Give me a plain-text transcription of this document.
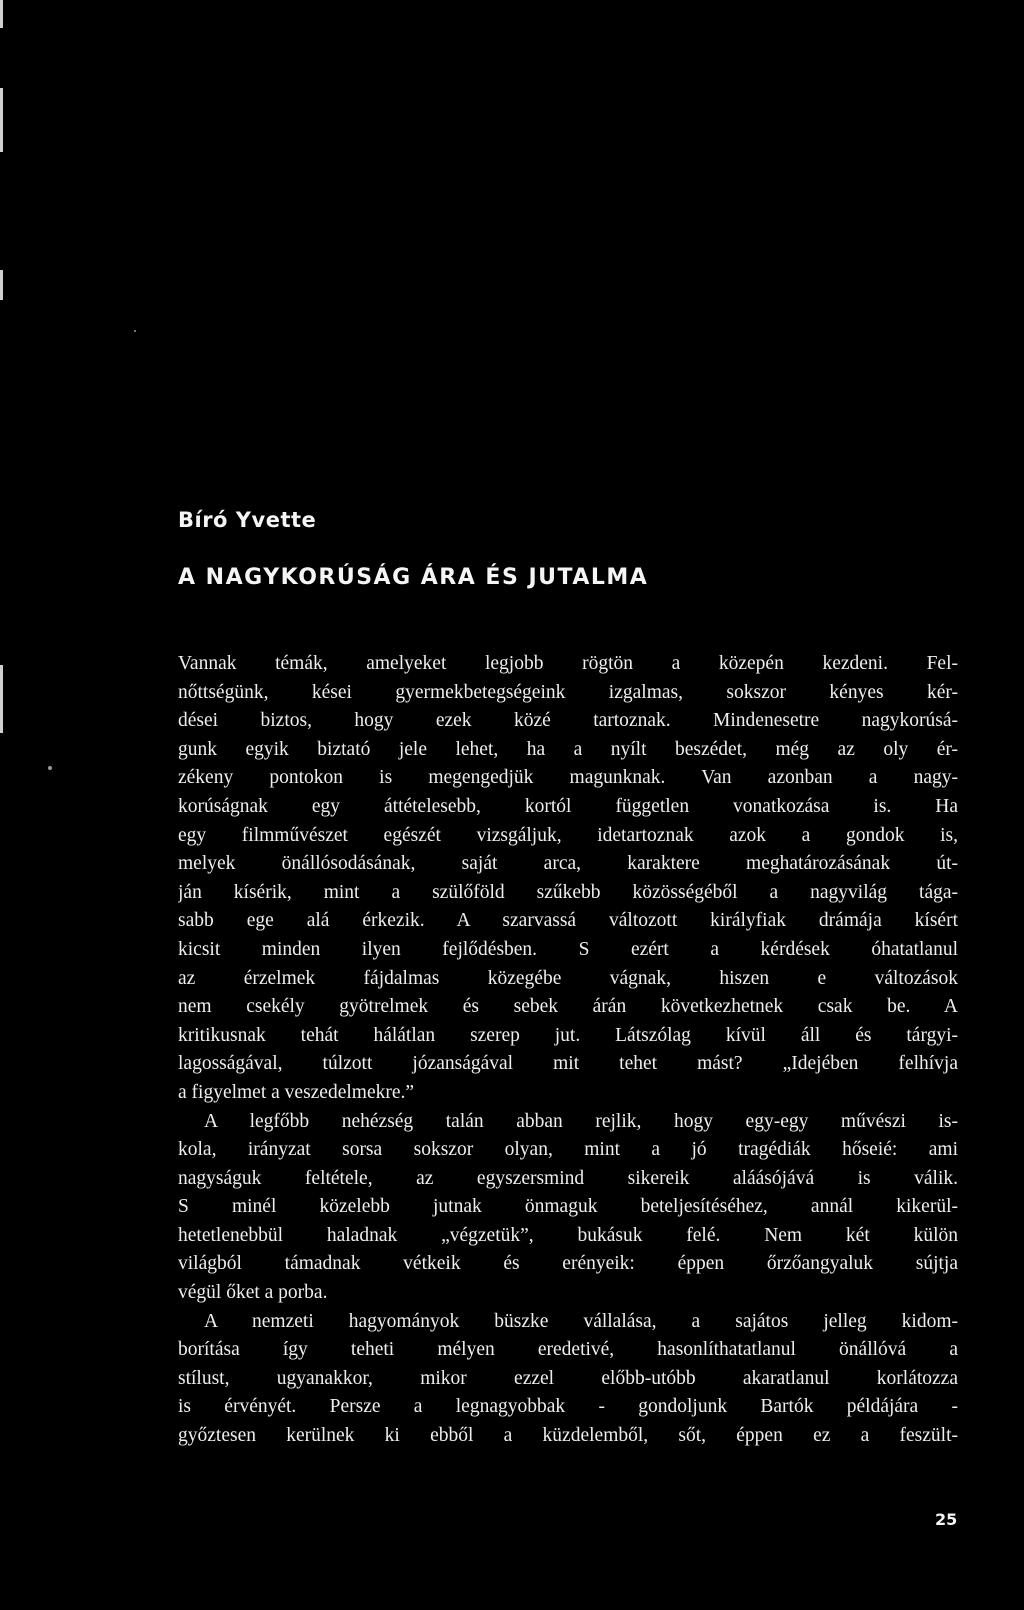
Bíró Yvette
A NAGYKORÚSÁG ÁRA ÉS JUTALMA
Vannak témák, amelyeket legjobb rögtön a közepén kezdeni. Fel-
nőttségünk, kései gyermekbetegségeink izgalmas, sokszor kényes kér-
dései biztos, hogy ezek közé tartoznak. Mindenesetre nagykorúsá-
gunk egyik biztató jele lehet, ha a nyílt beszédet, még az oly ér-
zékeny pontokon is megengedjük magunknak. Van azonban a nagy-
korúságnak egy áttételesebb, kortól független vonatkozása is. Ha
egy filmművészet egészét vizsgáljuk, idetartoznak azok a gondok is,
melyek önállósodásának, saját arca, karaktere meghatározásának út-
ján kísérik, mint a szülőföld szűkebb közösségéből a nagyvilág tága-
sabb ege alá érkezik. A szarvassá változott királyfiak drámája kísért
kicsit minden ilyen fejlődésben. S ezért a kérdések óhatatlanul
az érzelmek fájdalmas közegébe vágnak, hiszen e változások
nem csekély gyötrelmek és sebek árán következhetnek csak be. A
kritikusnak tehát hálátlan szerep jut. Látszólag kívül áll és tárgyi-
lagosságával, túlzott józanságával mit tehet mást? „Idejében felhívja
a figyelmet a veszedelmekre.”
A legfőbb nehézség talán abban rejlik, hogy egy-egy művészi is-
kola, irányzat sorsa sokszor olyan, mint a jó tragédiák hőseié: ami
nagyságuk feltétele, az egyszersmind sikereik aláásójává is válik.
S minél közelebb jutnak önmaguk beteljesítéséhez, annál kikerül-
hetetlenebbül haladnak „végzetük”, bukásuk felé. Nem két külön
világból támadnak vétkeik és erényeik: éppen őrzőangyaluk sújtja
végül őket a porba.
A nemzeti hagyományok büszke vállalása, a sajátos jelleg kidom-
borítása így teheti mélyen eredetivé, hasonlíthatatlanul önállóvá a
stílust, ugyanakkor, mikor ezzel előbb-utóbb akaratlanul korlátozza
is érvényét. Persze a legnagyobbak - gondoljunk Bartók példájára -
győztesen kerülnek ki ebből a küzdelemből, sőt, éppen ez a feszült-
25
